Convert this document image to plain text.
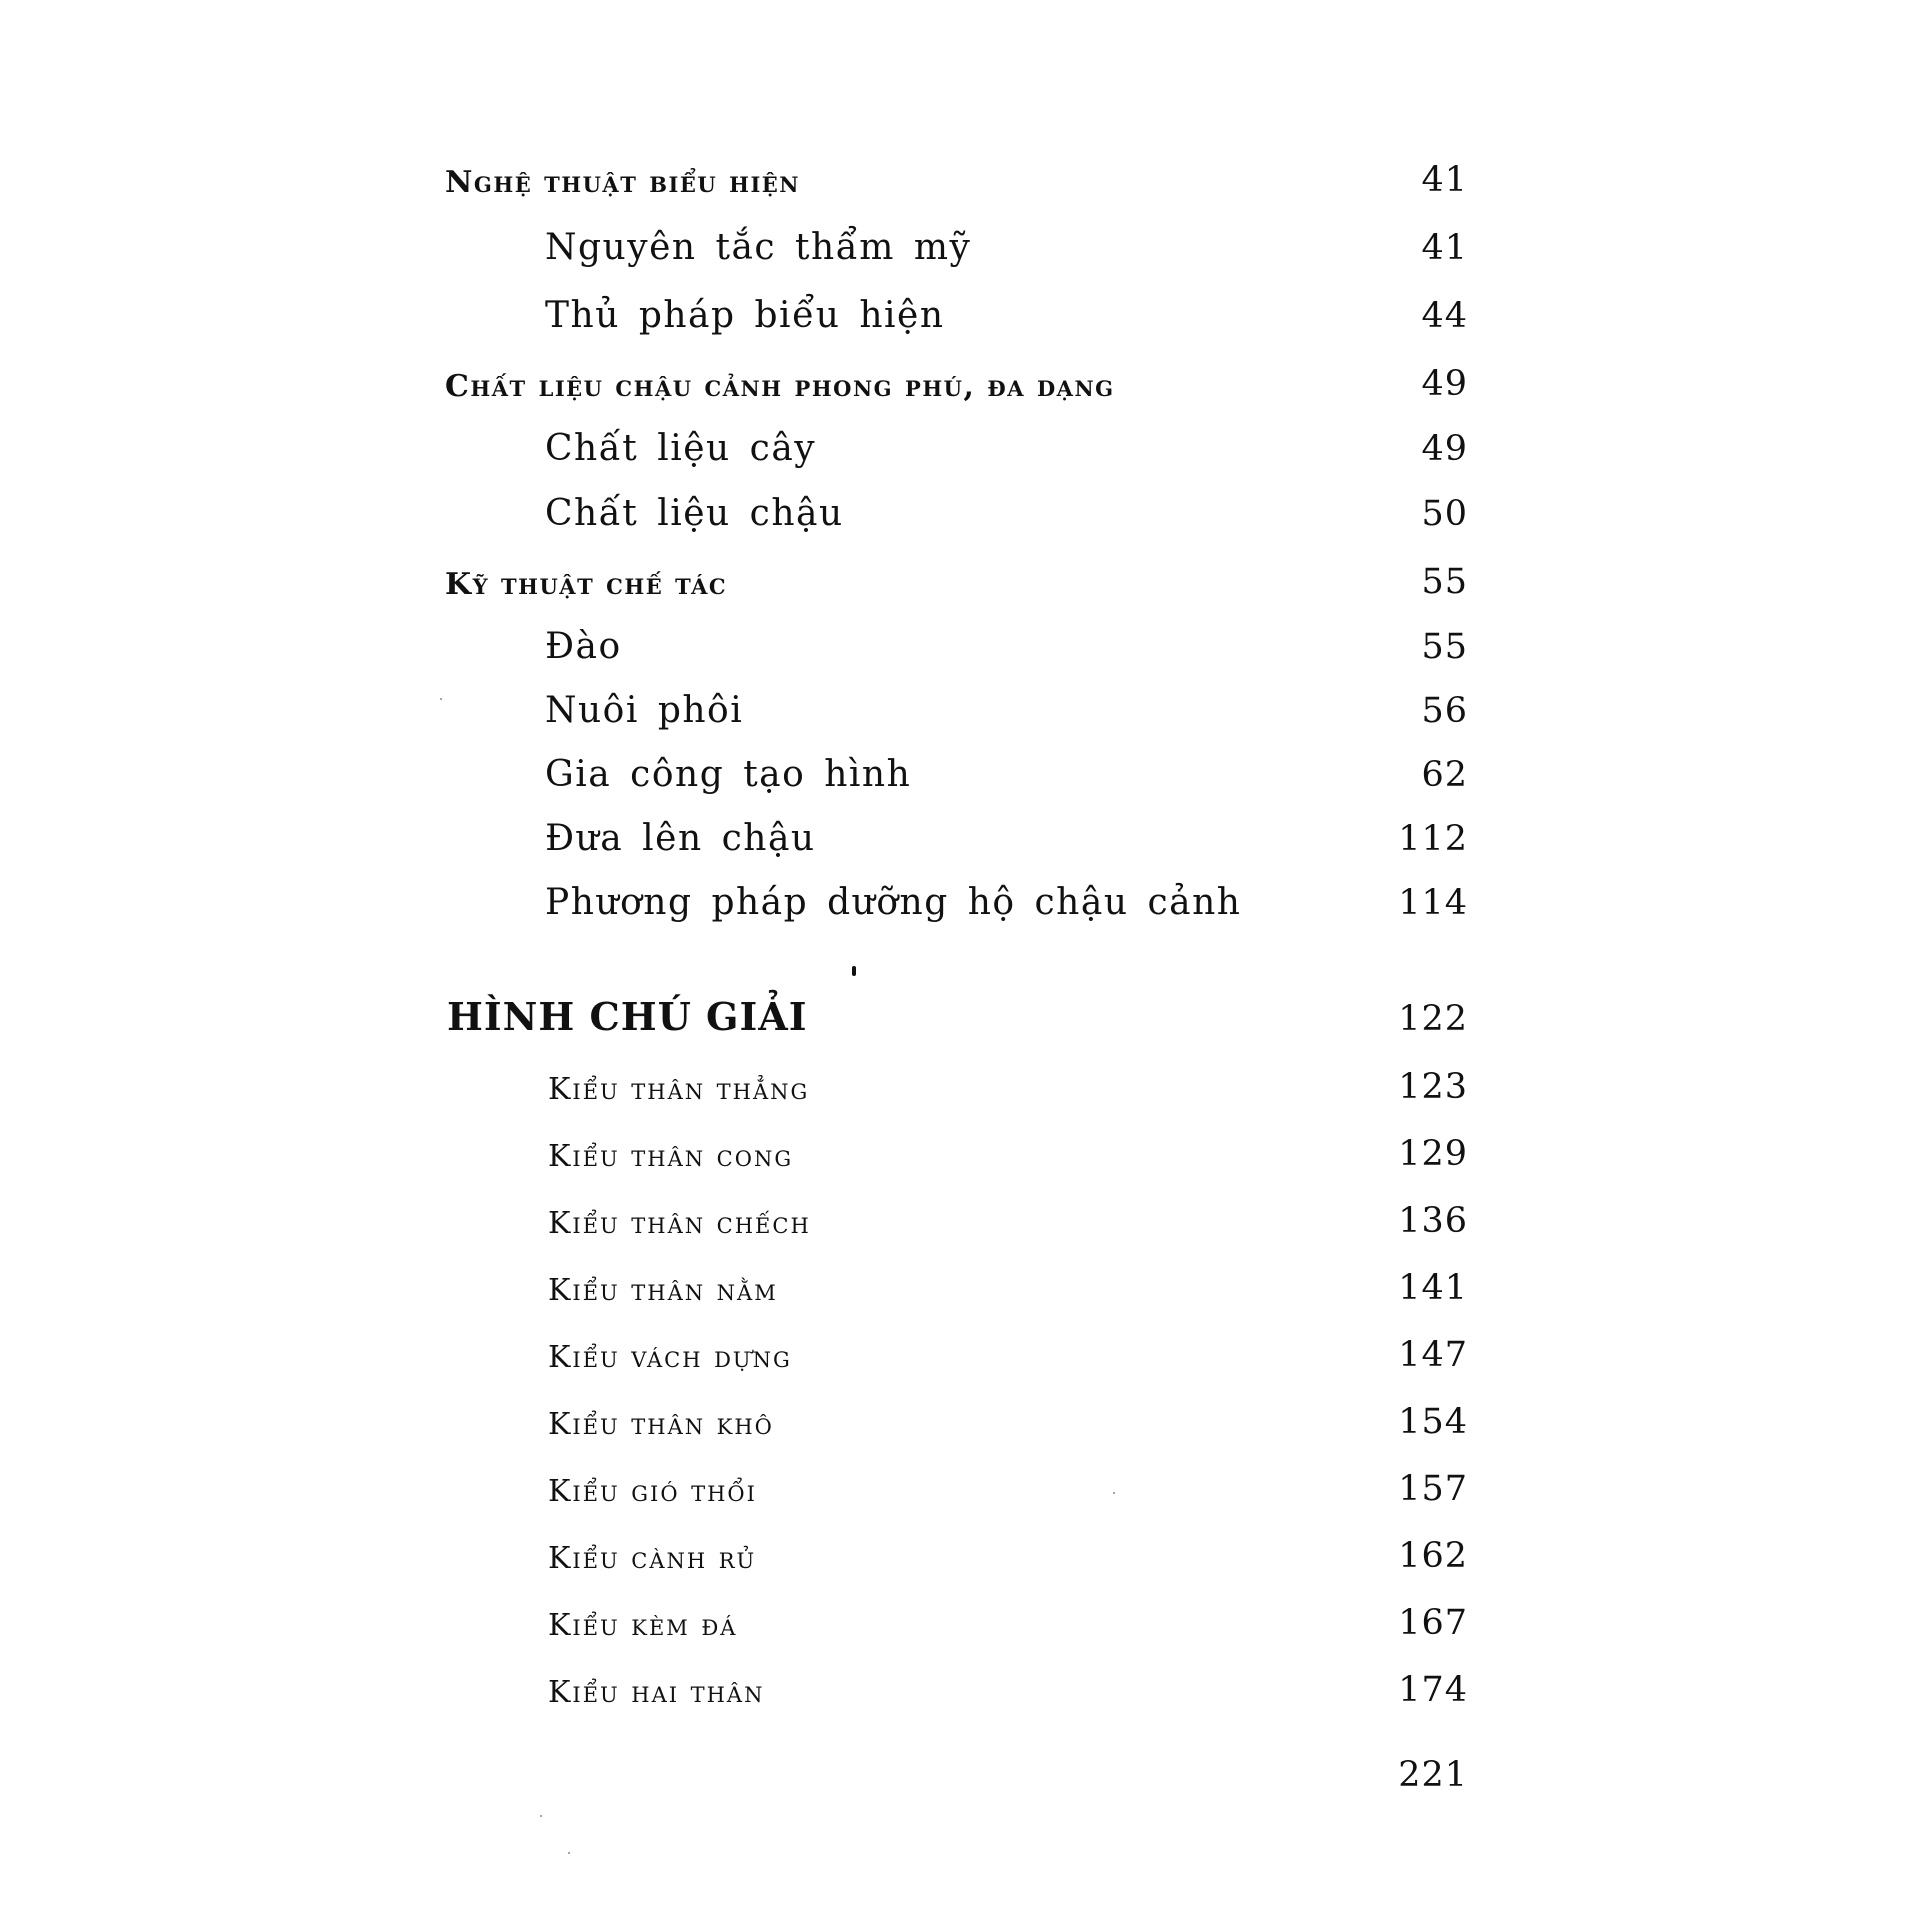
Nghệ thuật biểu hiện	41
Nguyên tắc thẩm mỹ	41
Thủ pháp biểu hiện	44
Chất liệu chậu cảnh phong phú, đa dạng	49
Chất liệu cây	49
Chất liệu chậu	50
Kỹ thuật chế tác	55
Đào	55
Nuôi phôi	56
Gia công tạo hình	62
Đưa lên chậu	112
Phương pháp dưỡng hộ chậu cảnh	114
HÌNH CHÚ GIẢI	122
Kiểu thân thẳng	123
Kiểu thân cong	129
Kiểu thân chếch	136
Kiểu thân nằm	141
Kiểu vách dựng	147
Kiểu thân khô	154
Kiểu gió thổi	157
Kiểu cành rủ	162
Kiểu kèm đá	167
Kiểu hai thân	174
221
